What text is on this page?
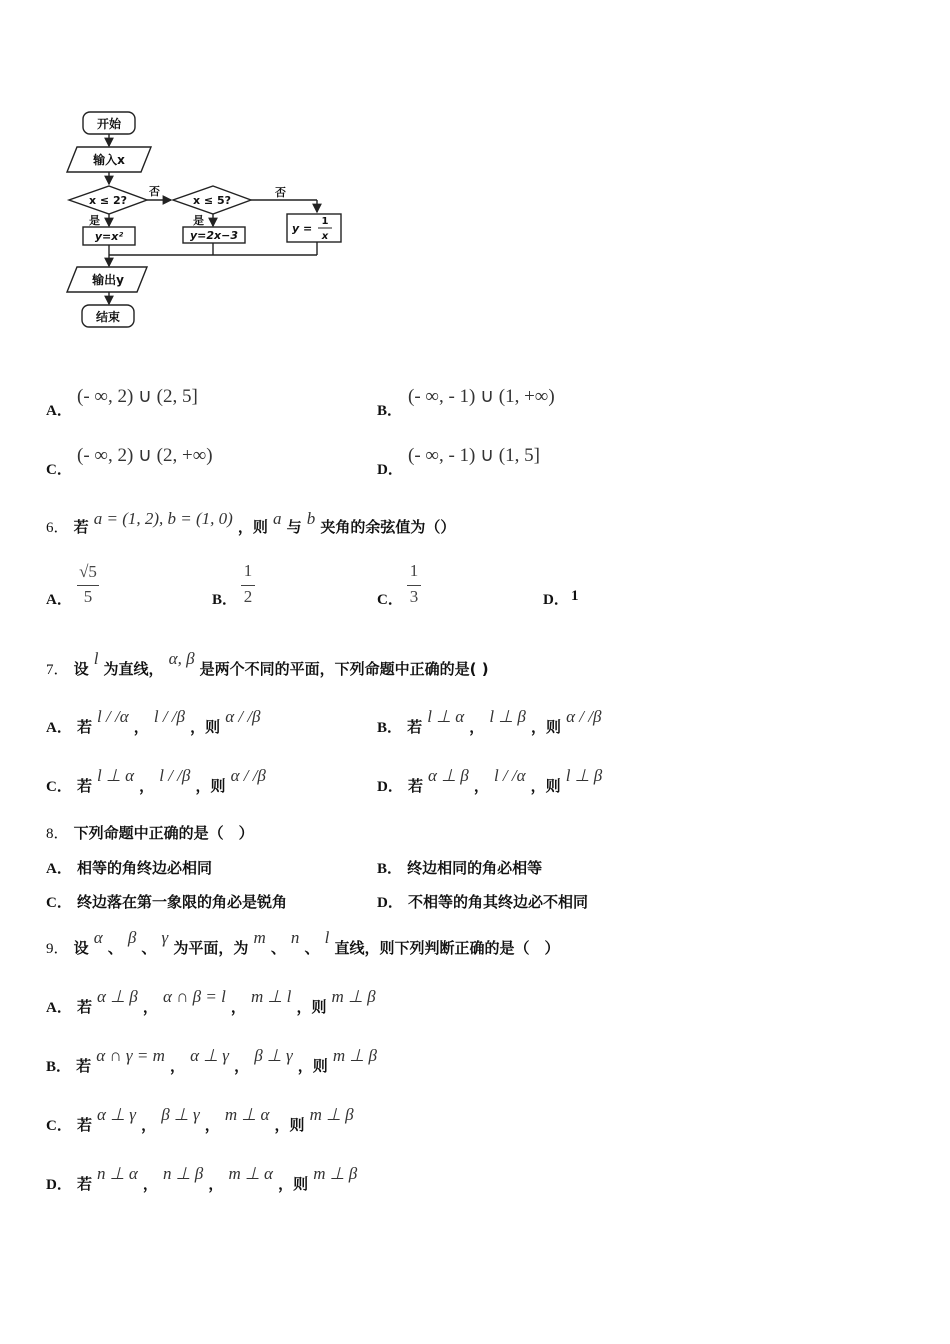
开始
输入x
x ≤ 2?	x ≤ 5?
否	否
是	是
y=x²	y=2x−3
y =
1
x
输出y
结束
A．
(- ∞, 2) ∪ (2, 5]
B．
(- ∞, - 1) ∪ (1, +∞)
C．
(- ∞, 2) ∪ (2, +∞)
D．
(- ∞, - 1) ∪ (1, 5]
6． 若 a = (1, 2), b = (1, 0) ，则 a 与 b 夹角的余弦值为（）
A．
√5
5	B．
1
2	C．
1
3	D． 1
7． 设 l 为直线， α, β 是两个不同的平面，下列命题中正确的是( )
A． 若 l / /α ， l / /β ，则 α / /β
B． 若 l ⊥ α ， l ⊥ β ，则 α / /β
C． 若 l ⊥ α ， l / /β ，则 α / /β
D． 若 α ⊥ β ， l / /α ，则 l ⊥ β
8． 下列命题中正确的是（　）
A． 相等的角终边必相同	B． 终边相同的角必相等
C． 终边落在第一象限的角必是锐角	D． 不相等的角其终边必不相同
9． 设 α 、 β 、 γ 为平面，为 m 、 n 、 l 直线，则下列判断正确的是（　）
A． 若 α ⊥ β ， α ∩ β = l ， m ⊥ l ，则 m ⊥ β
B． 若 α ∩ γ = m ， α ⊥ γ ， β ⊥ γ ，则 m ⊥ β
C． 若 α ⊥ γ ， β ⊥ γ ， m ⊥ α ，则 m ⊥ β
D． 若 n ⊥ α ， n ⊥ β ， m ⊥ α ，则 m ⊥ β
